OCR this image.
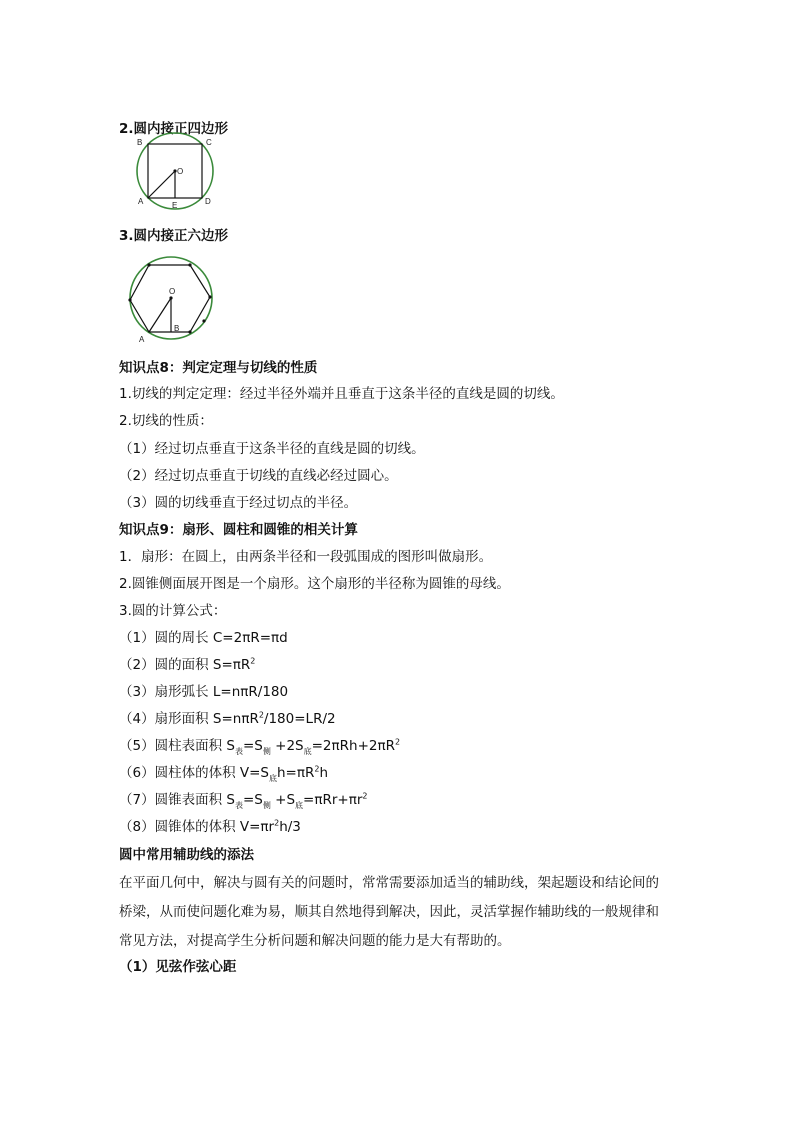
2.圆内接正四边形
B	C
O
A	E	D
3.圆内接正六边形
O
A
B
知识点8：判定定理与切线的性质
1.切线的判定定理：经过半径外端并且垂直于这条半径的直线是圆的切线。
2.切线的性质：
（1）经过切点垂直于这条半径的直线是圆的切线。
（2）经过切点垂直于切线的直线必经过圆心。
（3）圆的切线垂直于经过切点的半径。
知识点9：扇形、圆柱和圆锥的相关计算
1．扇形：在圆上，由两条半径和一段弧围成的图形叫做扇形。
2.圆锥侧面展开图是一个扇形。这个扇形的半径称为圆锥的母线。
3.圆的计算公式：
（1）圆的周长 C=2πR=πd
（2）圆的面积 $S=\pi R^2$
（3）扇形弧长 L=nπR/180
（4）扇形面积 S=nπR$^2$/180=LR/2
（5）圆柱表面积 $S_表=S_侧 +2S_底=2\pi Rh+2\pi R^2$
（6）圆柱体的体积 $V=S_底h=\pi R^2h$
（7）圆锥表面积 $S_表=S_侧 +S_底=\pi Rr+\pi r^2$
（8）圆锥体的体积 $V=\pi r^2h/3$
圆中常用辅助线的添法
在平面几何中，解决与圆有关的问题时，常常需要添加适当的辅助线，架起题设和结论间的
桥梁，从而使问题化难为易，顺其自然地得到解决，因此，灵活掌握作辅助线的一般规律和
常见方法，对提高学生分析问题和解决问题的能力是大有帮助的。
（1）见弦作弦心距
